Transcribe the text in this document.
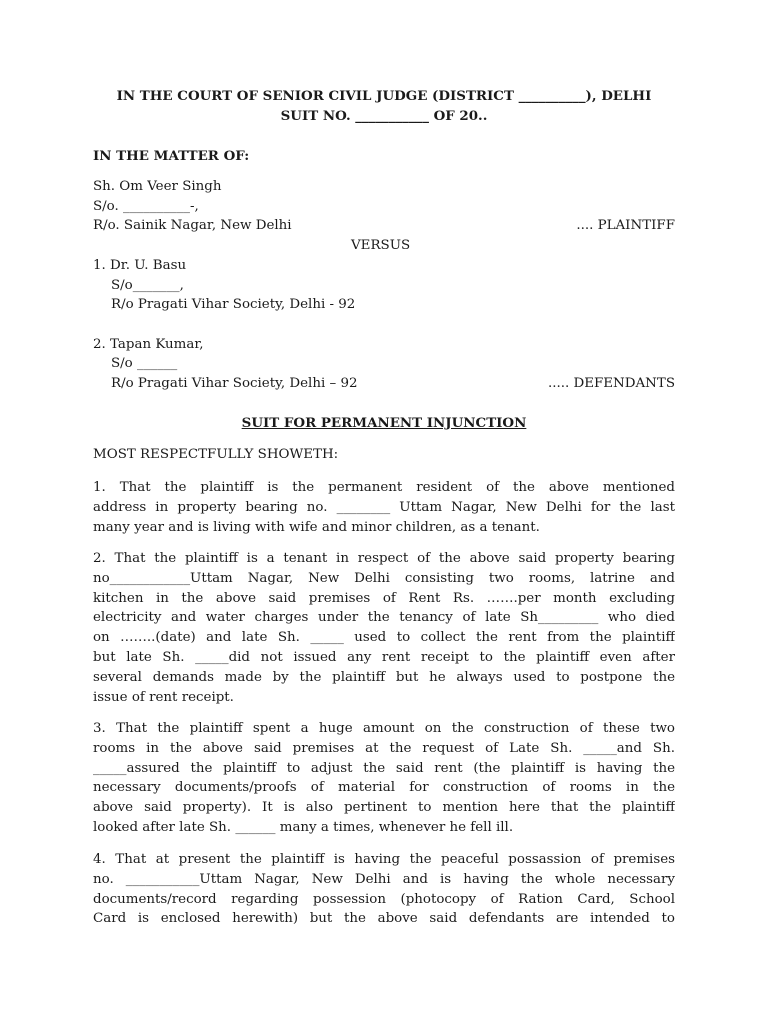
IN THE COURT OF SENIOR CIVIL JUDGE (DISTRICT __________), DELHI
SUIT NO. ___________ OF 20..
IN THE MATTER OF:
Sh. Om Veer Singh
S/o. __________-,
R/o. Sainik Nagar, New Delhi	.... PLAINTIFF
VERSUS
1. Dr. U. Basu
S/o_______,
R/o Pragati Vihar Society, Delhi - 92
2. Tapan Kumar,
S/o ______
R/o Pragati Vihar Society, Delhi – 92	..... DEFENDANTS
SUIT FOR PERMANENT INJUNCTION
MOST RESPECTFULLY SHOWETH:
1. That the plaintiff is the permanent resident of the above mentioned
address in property bearing no. ________ Uttam Nagar, New Delhi for the last
many year and is living with wife and minor children, as a tenant.
2. That the plaintiff is a tenant in respect of the above said property bearing
no____________Uttam Nagar, New Delhi consisting two rooms, latrine and
kitchen in the above said premises of Rent Rs. …….per month excluding
electricity and water charges under the tenancy of late Sh_________ who died
on ……..(date) and late Sh. _____ used to collect the rent from the plaintiff
but late Sh. _____did not issued any rent receipt to the plaintiff even after
several demands made by the plaintiff but he always used to postpone the
issue of rent receipt.
3. That the plaintiff spent a huge amount on the construction of these two
rooms in the above said premises at the request of Late Sh. _____and Sh.
_____assured the plaintiff to adjust the said rent (the plaintiff is having the
necessary documents/proofs of material for construction of rooms in the
above said property). It is also pertinent to mention here that the plaintiff
looked after late Sh. ______ many a times, whenever he fell ill.
4. That at present the plaintiff is having the peaceful possassion of premises
no. ___________Uttam Nagar, New Delhi and is having the whole necessary
documents/record regarding possession (photocopy of Ration Card, School
Card is enclosed herewith) but the above said defendants are intended to
